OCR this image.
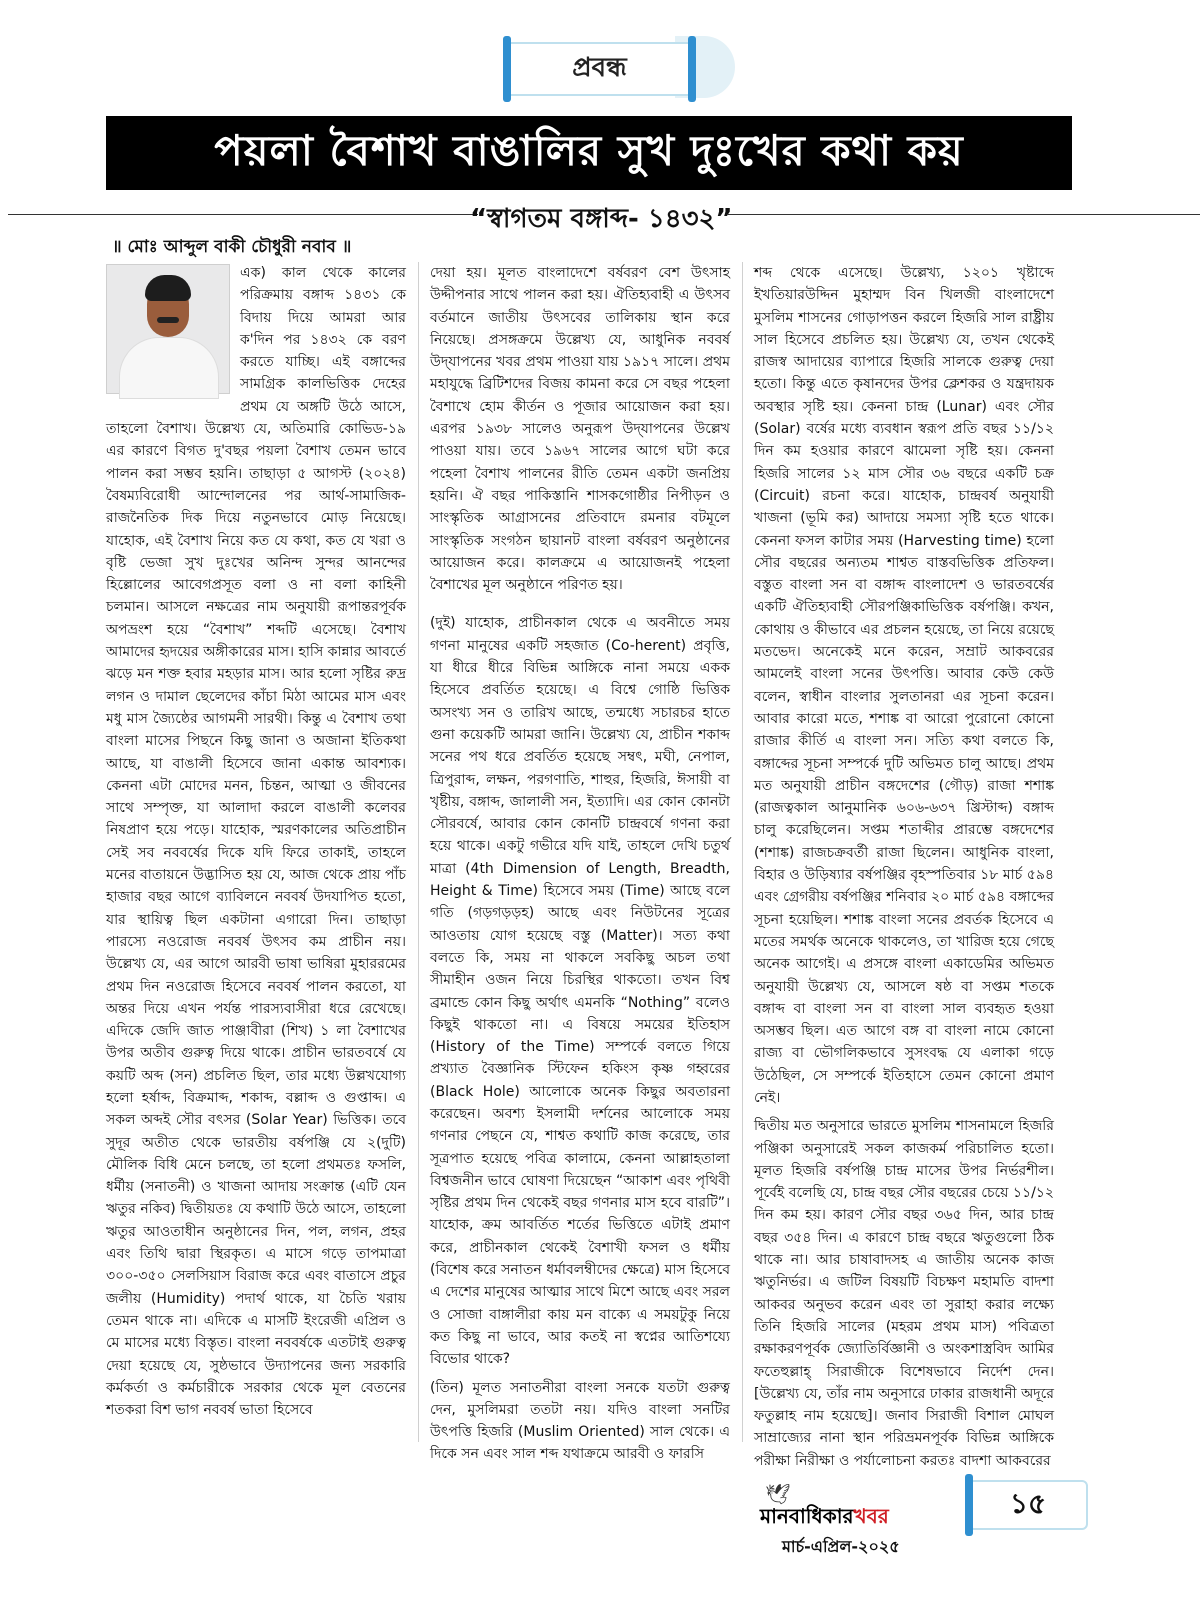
প্রবন্ধ
পয়লা বৈশাখ বাঙালির সুখ দুঃখের কথা কয়
“স্বাগতম বঙ্গাব্দ- ১৪৩২”
॥ মোঃ আব্দুল বাকী চৌধুরী নবাব ॥

এক) কাল থেকে কালের পরিক্রমায় বঙ্গাব্দ ১৪৩১ কে বিদায় দিয়ে আমরা আর ক'দিন পর ১৪৩২ কে বরণ করতে যাচ্ছি। এই বঙ্গাব্দের সামগ্রিক কালভিত্তিক দেহের প্রথম যে অঙ্গটি উঠে আসে, তাহলো বৈশাখ। উল্লেখ্য যে, অতিমারি কোভিড-১৯ এর কারণে বিগত দু'বছর পয়লা বৈশাখ তেমন ভাবে পালন করা সম্ভব হয়নি। তাছাড়া ৫ আগস্ট (২০২৪) বৈষম্যবিরোধী আন্দোলনের পর আর্থ-সামাজিক-রাজনৈতিক দিক দিয়ে নতুনভাবে মোড় নিয়েছে। যাহোক, এই বৈশাখ নিয়ে কত যে কথা, কত যে খরা ও বৃষ্টি ভেজা সুখ দুঃখের অনিন্দ সুন্দর আনন্দের হিল্লোলের আবেগপ্রসূত বলা ও না বলা কাহিনী চলমান। আসলে নক্ষত্রের নাম অনুযায়ী রূপান্তরপূর্বক অপভ্রংশ হয়ে “বৈশাখ” শব্দটি এসেছে। বৈশাখ আমাদের হৃদয়ের অঙ্গীকারের মাস। হাসি কান্নার আবর্তে ঝড়ে মন শক্ত হবার মহড়ার মাস। আর হলো সৃষ্টির রুদ্র লগন ও দামাল ছেলেদের কাঁচা মিঠা আমের মাস এবং মধু মাস জ্যৈষ্ঠের আগমনী সারথী। কিন্তু এ বৈশাখ তথা বাংলা মাসের পিছনে কিছু জানা ও অজানা ইতিকথা আছে, যা বাঙালী হিসেবে জানা একান্ত আবশ্যক। কেননা এটা মোদের মনন, চিন্তন, আত্মা ও জীবনের সাথে সম্পৃক্ত, যা আলাদা করলে বাঙালী কলেবর নিষপ্রাণ হয়ে পড়ে। যাহোক, স্মরণকালের অতিপ্রাচীন সেই সব নববর্ষের দিকে যদি ফিরে তাকাই, তাহলে মনের বাতায়নে উদ্ভাসিত হয় যে, আজ থেকে প্রায় পাঁচ হাজার বছর আগে ব্যাবিলনে নববর্ষ উদযাপিত হতো, যার স্থায়িত্ব ছিল একটানা এগারো দিন। তাছাড়া পারস্যে নওরোজ নববর্ষ উৎসব কম প্রাচীন নয়। উল্লেখ্য যে, এর আগে আরবী ভাষা ভাষিরা মুহাররমের প্রথম দিন নওরোজ হিসেবে নববর্ষ পালন করতো, যা অন্তর দিয়ে এখন পর্যন্ত পারস্যবাসীরা ধরে রেখেছে। এদিকে জেদি জাত পাঞ্জাবীরা (শিখ) ১ লা বৈশাখের উপর অতীব গুরুত্ব দিয়ে থাকে। প্রাচীন ভারতবর্ষে যে কয়টি অব্দ (সন) প্রচলিত ছিল, তার মধ্যে উল্লখযোগ্য হলো হর্ষাব্দ, বিক্রমাব্দ, শকাব্দ, বল্লাব্দ ও গুপ্তাব্দ। এ সকল অব্দই সৌর বৎসর (Solar Year) ভিত্তিক। তবে সুদূর অতীত থেকে ভারতীয় বর্ষপঞ্জি যে ২(দুটি) মৌলিক বিধি মেনে চলছে, তা হলো প্রথমতঃ ফসলি, ধর্মীয় (সনাতনী) ও খাজনা আদায় সংক্রান্ত (এটি যেন ঋতুর নকিব) দ্বিতীয়তঃ যে কথাটি উঠে আসে, তাহলো ঋতুর আওতাধীন অনুষ্ঠানের দিন, পল, লগন, প্রহর এবং তিথি দ্বারা স্থিরকৃত। এ মাসে গড়ে তাপমাত্রা ৩০০-৩৫০ সেলসিয়াস বিরাজ করে এবং বাতাসে প্রচুর জলীয় (Humidity) পদার্থ থাকে, যা চৈতি খরায় তেমন থাকে না। এদিকে এ মাসটি ইংরেজী এপ্রিল ও মে মাসের মধ্যে বিস্তৃত। বাংলা নববর্ষকে এতটাই গুরুত্ব দেয়া হয়েছে যে, সুষ্ঠভাবে উদ্যাপনের জন্য সরকারি কর্মকর্তা ও কর্মচারীকে সরকার থেকে মূল বেতনের শতকরা বিশ ভাগ নববর্ষ ভাতা হিসেবে

দেয়া হয়। মূলত বাংলাদেশে বর্ষবরণ বেশ উৎসাহ উদ্দীপনার সাথে পালন করা হয়। ঐতিহ্যবাহী এ উৎসব বর্তমানে জাতীয় উৎসবের তালিকায় স্থান করে নিয়েছে। প্রসঙ্গক্রমে উল্লেখ্য যে, আধুনিক নববর্ষ উদ্‌যাপনের খবর প্রথম পাওয়া যায় ১৯১৭ সালে। প্রথম মহাযুদ্ধে ব্রিটিশদের বিজয় কামনা করে সে বছর পহেলা বৈশাখে হোম কীর্তন ও পূজার আয়োজন করা হয়। এরপর ১৯৩৮ সালেও অনুরূপ উদ্‌যাপনের উল্লেখ পাওয়া যায়। তবে ১৯৬৭ সালের আগে ঘটা করে পহেলা বৈশাখ পালনের রীতি তেমন একটা জনপ্রিয় হয়নি। ঐ বছর পাকিস্তানি শাসকগোষ্ঠীর নিপীড়ন ও সাংস্কৃতিক আগ্রাসনের প্রতিবাদে রমনার বটমূলে সাংস্কৃতিক সংগঠন ছায়ানট বাংলা বর্ষবরণ অনুষ্ঠানের আয়োজন করে। কালক্রমে এ আয়োজনই পহেলা বৈশাখের মূল অনুষ্ঠানে পরিণত হয়।

(দুই) যাহোক, প্রাচীনকাল থেকে এ অবনীতে সময় গণনা মানুষের একটি সহজাত (Co-herent) প্রবৃত্তি, যা ধীরে ধীরে বিভিন্ন আঙ্গিকে নানা সময়ে একক হিসেবে প্রবর্তিত হয়েছে। এ বিশ্বে গোষ্ঠি ভিত্তিক অসংখ্য সন ও তারিখ আছে, তন্মধ্যে সচারচর হাতে গুনা কয়েকটি আমরা জানি। উল্লেখ্য যে, প্রাচীন শকাব্দ সনের পথ ধরে প্রবর্তিত হয়েছে সম্বৎ, মঘী, নেপাল, ত্রিপুরাব্দ, লক্ষন, পরগণাতি, শাহুর, হিজরি, ঈসায়ী বা খৃষ্টীয়, বঙ্গাব্দ, জালালী সন, ইত্যাদি। এর কোন কোনটা সৌরবর্ষে, আবার কোন কোনটি চান্দ্রবর্ষে গণনা করা হয়ে থাকে। একটু গভীরে যদি যাই, তাহলে দেখি চতুর্থ মাত্রা (4th Dimension of Length, Breadth, Height & Time) হিসেবে সময় (Time) আছে বলে গতি (গড়গড়ড়হ) আছে এবং নিউটনের সূত্রের আওতায় যোগ হয়েছে বস্তু (Matter)। সত্য কথা বলতে কি, সময় না থাকলে সবকিছু অচল তথা সীমাহীন ওজন নিয়ে চিরস্থির থাকতো। তখন বিশ্ব ব্রমান্ডে কোন কিছু অর্থাৎ এমনকি “Nothing” বলেও কিছুই থাকতো না। এ বিষয়ে সময়ের ইতিহাস (History of the Time) সম্পর্কে বলতে গিয়ে প্রখ্যাত বৈজ্ঞানিক স্টিফেন হকিংস কৃষ্ণ গহ্বরের (Black Hole) আলোকে অনেক কিছুর অবতারনা করেছেন। অবশ্য ইসলামী দর্শনের আলোকে সময় গণনার পেছনে যে, শাশ্বত কথাটি কাজ করেছে, তার সূত্রপাত হয়েছে পবিত্র কালামে, কেননা আল্লাহতালা বিশ্বজনীন ভাবে ঘোষণা দিয়েছেন “আকাশ এবং পৃথিবী সৃষ্টির প্রথম দিন থেকেই বছর গণনার মাস হবে বারটি”। যাহোক, ক্রম আবর্তিত শর্তের ভিত্তিতে এটাই প্রমাণ করে, প্রাচীনকাল থেকেই বৈশাখী ফসল ও ধর্মীয় (বিশেষ করে সনাতন ধর্মাবলম্বীদের ক্ষেত্রে) মাস হিসেবে এ দেশের মানুষের আত্মার সাথে মিশে আছে এবং সরল ও সোজা বাঙ্গালীরা কায় মন বাক্যে এ সময়টুকু নিয়ে কত কিছু না ভাবে, আর কতই না স্বপ্নের আতিশয্যে বিভোর থাকে?

(তিন) মূলত সনাতনীরা বাংলা সনকে যতটা গুরুত্ব দেন, মুসলিমরা ততটা নয়। যদিও বাংলা সনটির উৎপত্তি হিজরি (Muslim Oriented) সাল থেকে। এ দিকে সন এবং সাল শব্দ যথাক্রমে আরবী ও ফারসি

শব্দ থেকে এসেছে। উল্লেখ্য, ১২০১ খৃষ্টাব্দে ইখতিয়ারউদ্দিন মুহাম্মদ বিন খিলজী বাংলাদেশে মুসলিম শাসনের গোড়াপত্তন করলে হিজরি সাল রাষ্ট্রীয় সাল হিসেবে প্রচলিত হয়। উল্লেখ্য যে, তখন থেকেই রাজস্ব আদায়ের ব্যাপারে হিজরি সালকে গুরুত্ব দেয়া হতো। কিন্তু এতে কৃষানদের উপর ক্লেশকর ও যন্ত্রদায়ক অবস্থার সৃষ্টি হয়। কেননা চান্দ্র (Lunar) এবং সৌর (Solar) বর্ষের মধ্যে ব্যবধান স্বরূপ প্রতি বছর ১১/১২ দিন কম হওয়ার কারণে ঝামেলা সৃষ্টি হয়। কেননা হিজরি সালের ১২ মাস সৌর ৩৬ বছরে একটি চক্র (Circuit) রচনা করে। যাহোক, চান্দ্রবর্ষ অনুযায়ী খাজনা (ভূমি কর) আদায়ে সমস্যা সৃষ্টি হতে থাকে। কেননা ফসল কাটার সময় (Harvesting time) হলো সৌর বছরের অন্যতম শাশ্বত বাস্তবভিত্তিক প্রতিফল। বস্তুত বাংলা সন বা বঙ্গাব্দ বাংলাদেশ ও ভারতবর্ষের একটি ঐতিহ্যবাহী সৌরপঞ্জিকাভিত্তিক বর্ষপঞ্জি। কখন, কোথায় ও কীভাবে এর প্রচলন হয়েছে, তা নিয়ে রয়েছে মতভেদ। অনেকেই মনে করেন, সম্রাট আকবরের আমলেই বাংলা সনের উৎপত্তি। আবার কেউ কেউ বলেন, স্বাধীন বাংলার সুলতানরা এর সূচনা করেন। আবার কারো মতে, শশাঙ্ক বা আরো পুরোনো কোনো রাজার কীর্তি এ বাংলা সন। সত্যি কথা বলতে কি, বঙ্গাব্দের সূচনা সম্পর্কে দুটি অভিমত চালু আছে। প্রথম মত অনুযায়ী প্রাচীন বঙ্গদেশের (গৌড়) রাজা শশাঙ্ক (রাজত্বকাল আনুমানিক ৬০৬-৬৩৭ খ্রিস্টাব্দ) বঙ্গাব্দ চালু করেছিলেন। সপ্তম শতাব্দীর প্রারম্ভে বঙ্গদেশের (শশাঙ্ক) রাজচক্রবর্তী রাজা ছিলেন। আধুনিক বাংলা, বিহার ও উড়িষ্যার বর্ষপঞ্জির বৃহস্পতিবার ১৮ মার্চ ৫৯৪ এবং গ্রেগরীয় বর্ষপঞ্জির শনিবার ২০ মার্চ ৫৯৪ বঙ্গাব্দের সূচনা হয়েছিল। শশাঙ্ক বাংলা সনের প্রবর্তক হিসেবে এ মতের সমর্থক অনেকে থাকলেও, তা খারিজ হয়ে গেছে অনেক আগেই। এ প্রসঙ্গে বাংলা একাডেমির অভিমত অনুযায়ী উল্লেখ্য যে, আসলে ষষ্ঠ বা সপ্তম শতকে বঙ্গাব্দ বা বাংলা সন বা বাংলা সাল ব্যবহৃত হওয়া অসম্ভব ছিল। এত আগে বঙ্গ বা বাংলা নামে কোনো রাজ্য বা ভৌগলিকভাবে সুসংবদ্ধ যে এলাকা গড়ে উঠেছিল, সে সম্পর্কে ইতিহাসে তেমন কোনো প্রমাণ নেই।

দ্বিতীয় মত অনুসারে ভারতে মুসলিম শাসনামলে হিজরি পঞ্জিকা অনুসারেই সকল কাজকর্ম পরিচালিত হতো। মূলত হিজরি বর্ষপঞ্জি চান্দ্র মাসের উপর নির্ভরশীল। পূর্বেই বলেছি যে, চান্দ্র বছর সৌর বছরের চেয়ে ১১/১২ দিন কম হয়। কারণ সৌর বছর ৩৬৫ দিন, আর চান্দ্র বছর ৩৫৪ দিন। এ কারণে চান্দ্র বছরে ঋতুগুলো ঠিক থাকে না। আর চাষাবাদসহ এ জাতীয় অনেক কাজ ঋতুনির্ভর। এ জটিল বিষয়টি বিচক্ষণ মহামতি বাদশা আকবর অনুভব করেন এবং তা সুরাহা করার লক্ষ্যে তিনি হিজরি সালের (মহরম প্রথম মাস) পবিত্রতা রক্ষাকরণপূর্বক জ্যোতির্বিজ্ঞানী ও অংকশাস্ত্রবিদ আমির ফতেহুল্লাহ্ সিরাজীকে বিশেষভাবে নির্দেশ দেন। [উল্লেখ্য যে, তাঁর নাম অনুসারে ঢাকার রাজধানী অদূরে ফতুল্লাহ নাম হয়েছে]। জনাব সিরাজী বিশাল মোঘল সাম্রাজ্যের নানা স্থান পরিভ্রমনপূর্বক বিভিন্ন আঙ্গিকে পরীক্ষা নিরীক্ষা ও পর্যালোচনা করতঃ বাদশা আকবরের

🕊
মানবাধিকারখবর
মার্চ-এপ্রিল-২০২৫
১৫
